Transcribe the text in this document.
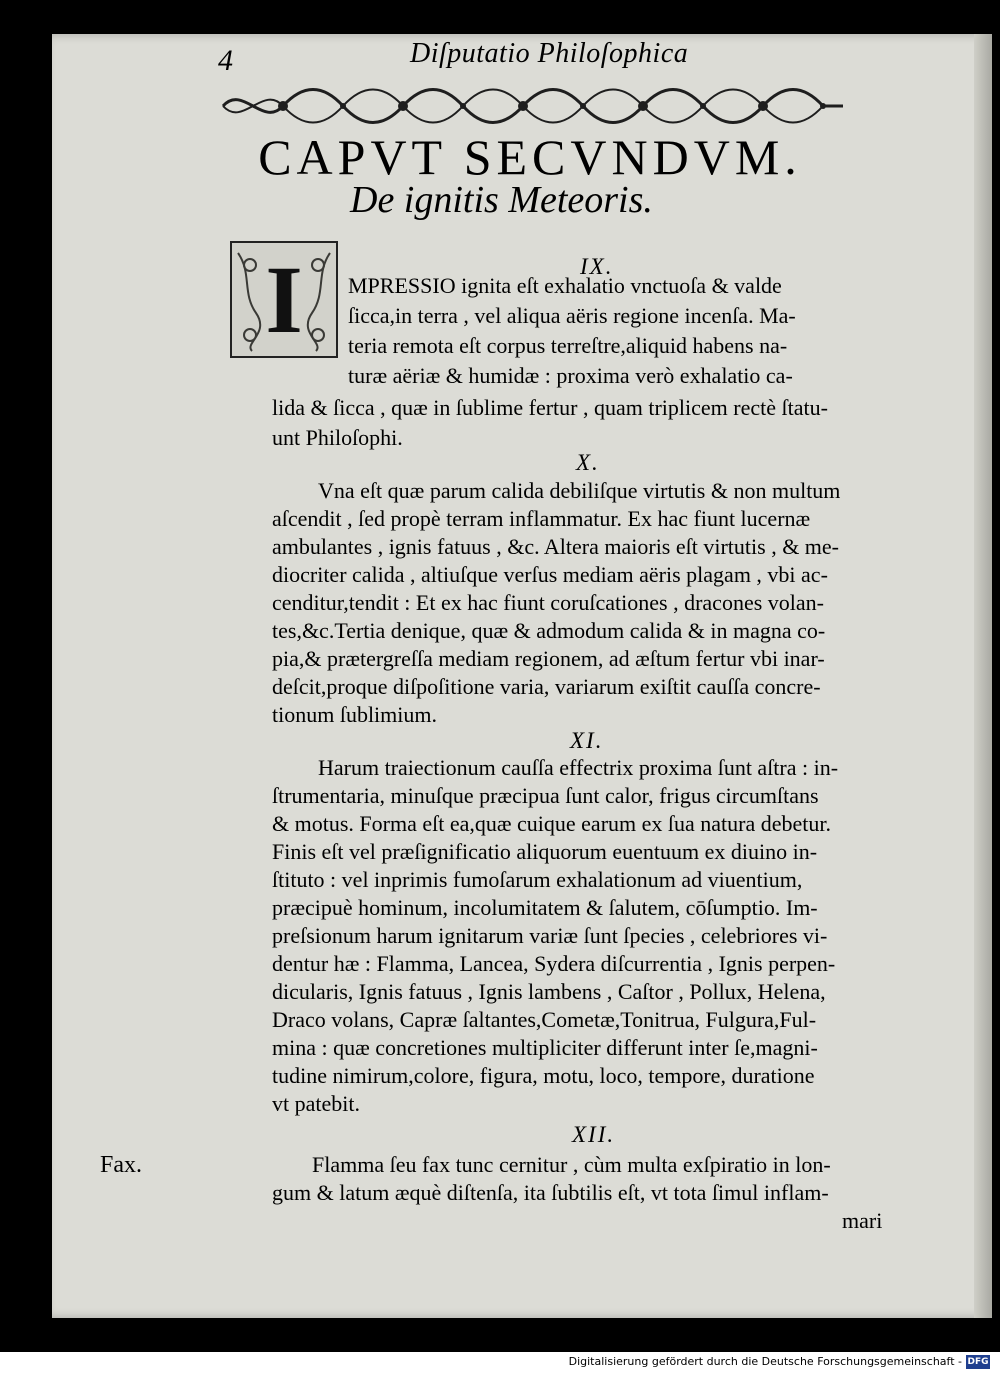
4	Diſputatio Philoſophica
CAPVT SECVNDVM.
De ignitis Meteoris.
IX.
I	MPRESSIO ignita eſt exhalatio vnctuoſa & valde
ſicca,in terra , vel aliqua aëris regione incenſa. Ma-
teria remota eſt corpus terreſtre,aliquid habens na-
turæ aëriæ & humidæ : proxima verò exhalatio ca-
lida & ſicca , quæ in ſublime fertur , quam triplicem rectè ſtatu-
unt Philoſophi.
X.
Vna eſt quæ parum calida debiliſque virtutis & non multum
aſcendit , ſed propè terram inflammatur. Ex hac fiunt lucernæ
ambulantes , ignis fatuus , &c. Altera maioris eſt virtutis , & me-
diocriter calida , altiuſque verſus mediam aëris plagam , vbi ac-
cenditur,tendit : Et ex hac fiunt coruſcationes , dracones volan-
tes,&c.Tertia denique, quæ & admodum calida & in magna co-
pia,& prætergreſſa mediam regionem, ad æſtum fertur vbi inar-
deſcit,proque diſpoſitione varia, variarum exiſtit cauſſa concre-
tionum ſublimium.
XI.
Harum traiectionum cauſſa effectrix proxima ſunt aſtra : in-
ſtrumentaria, minuſque præcipua ſunt calor, frigus circumſtans
& motus. Forma eſt ea,quæ cuique earum ex ſua natura debetur.
Finis eſt vel præſignificatio aliquorum euentuum ex diuino in-
ſtituto : vel inprimis fumoſarum exhalationum ad viuentium,
præcipuè hominum, incolumitatem & ſalutem, cōſumptio. Im-
preſsionum harum ignitarum variæ ſunt ſpecies , celebriores vi-
dentur hæ : Flamma, Lancea, Sydera diſcurrentia , Ignis perpen-
dicularis, Ignis fatuus , Ignis lambens , Caſtor , Pollux, Helena,
Draco volans, Capræ ſaltantes,Cometæ,Tonitrua, Fulgura,Ful-
mina : quæ concretiones multipliciter differunt inter ſe,magni-
tudine nimirum,colore, figura, motu, loco, tempore, duratione
vt patebit.
XII.
Fax.	Flamma ſeu fax tunc cernitur , cùm multa exſpiratio in lon-
gum & latum æquè diſtenſa, ita ſubtilis eſt, vt tota ſimul inflam-
mari
Digitalisierung gefördert durch die Deutsche Forschungsgemeinschaft - DFG
